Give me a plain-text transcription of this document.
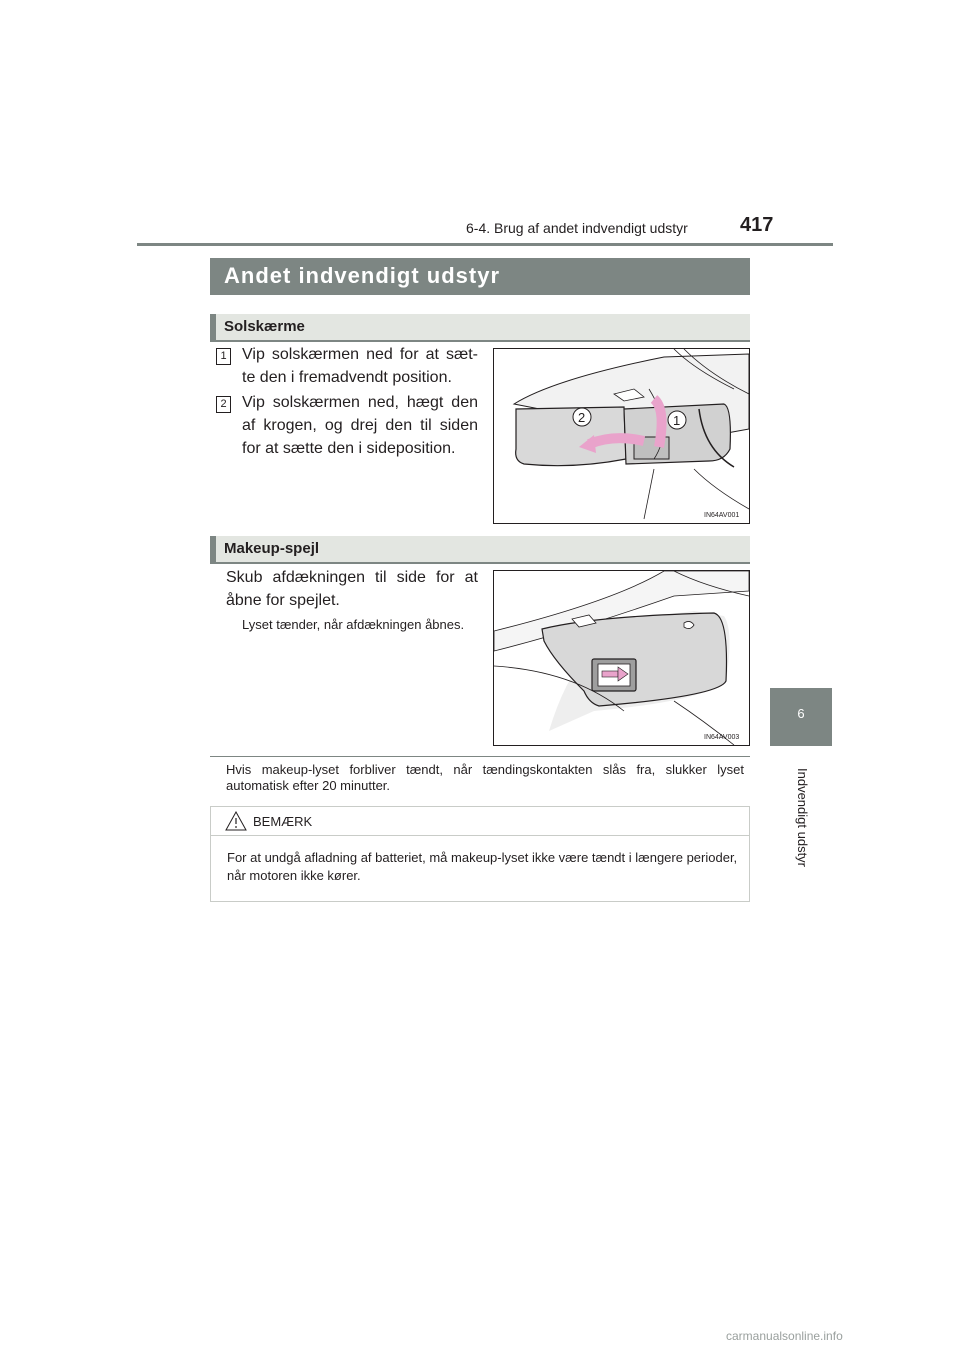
6-4. Brug af andet indvendigt udstyr	417
6
Indvendigt udstyr
Andet indvendigt udstyr
Solskærme
1 Vip solskærmen ned for at sæt-te den i fremadvendt position.
2 Vip solskærmen ned, hægt den af krogen, og drej den til siden for at sætte den i sideposition.
2	1
IN64AV001
Makeup-spejl
Skub afdækningen til side for at åbne for spejlet.
Lyset tænder, når afdækningen åbnes.
IN64AV003
Hvis makeup-lyset forbliver tændt, når tændingskontakten slås fra, slukker lyset automatisk efter 20 minutter.
BEMÆRK
For at undgå afladning af batteriet, må makeup-lyset ikke være tændt i længere perioder, når motoren ikke kører.
carmanualsonline.info
